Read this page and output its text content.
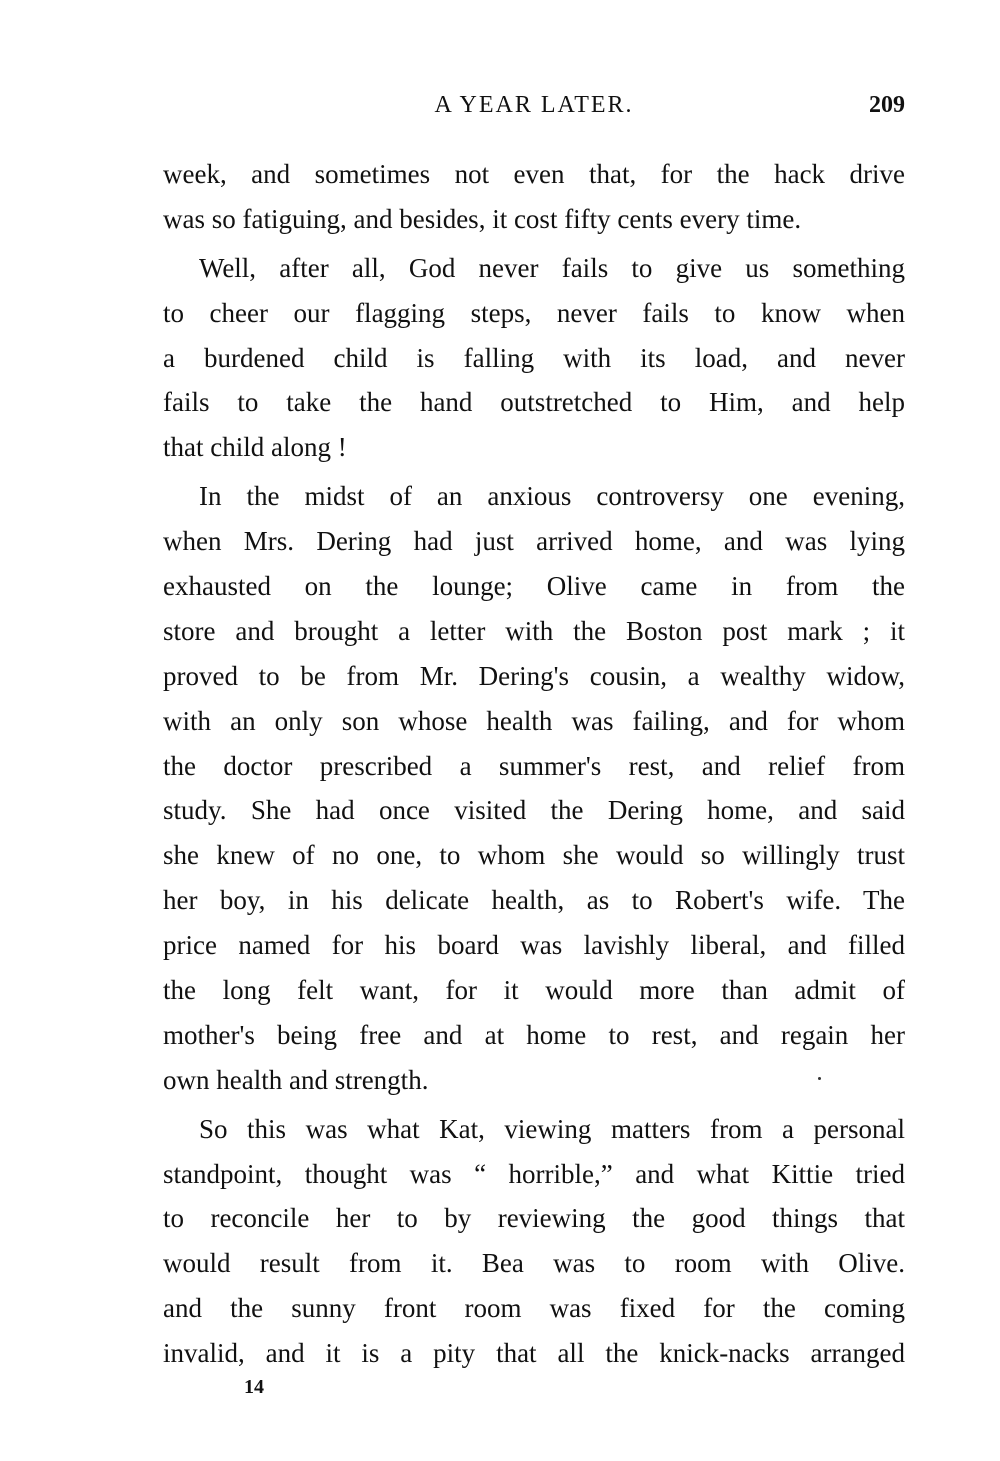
A YEAR LATER.	209
week, and sometimes not even that, for the hack drive
was so fatiguing, and besides, it cost fifty cents every time.
Well, after all, God never fails to give us something
to cheer our flagging steps, never fails to know when
a burdened child is falling with its load, and never
fails to take the hand outstretched to Him, and help
that child along !
In the midst of an anxious controversy one evening,
when Mrs. Dering had just arrived home, and was lying
exhausted on the lounge; Olive came in from the
store and brought a letter with the Boston post mark ; it
proved to be from Mr. Dering's cousin, a wealthy widow,
with an only son whose health was failing, and for whom
the doctor prescribed a summer's rest, and relief from
study. She had once visited the Dering home, and said
she knew of no one, to whom she would so willingly trust
her boy, in his delicate health, as to Robert's wife. The
price named for his board was lavishly liberal, and filled
the long felt want, for it would more than admit of
mother's being free and at home to rest, and regain her
own health and strength.
So this was what Kat, viewing matters from a personal
standpoint, thought was “ horrible,” and what Kittie tried
to reconcile her to by reviewing the good things that
would result from it. Bea was to room with Olive.
and the sunny front room was fixed for the coming
invalid, and it is a pity that all the knick-nacks arranged
14
